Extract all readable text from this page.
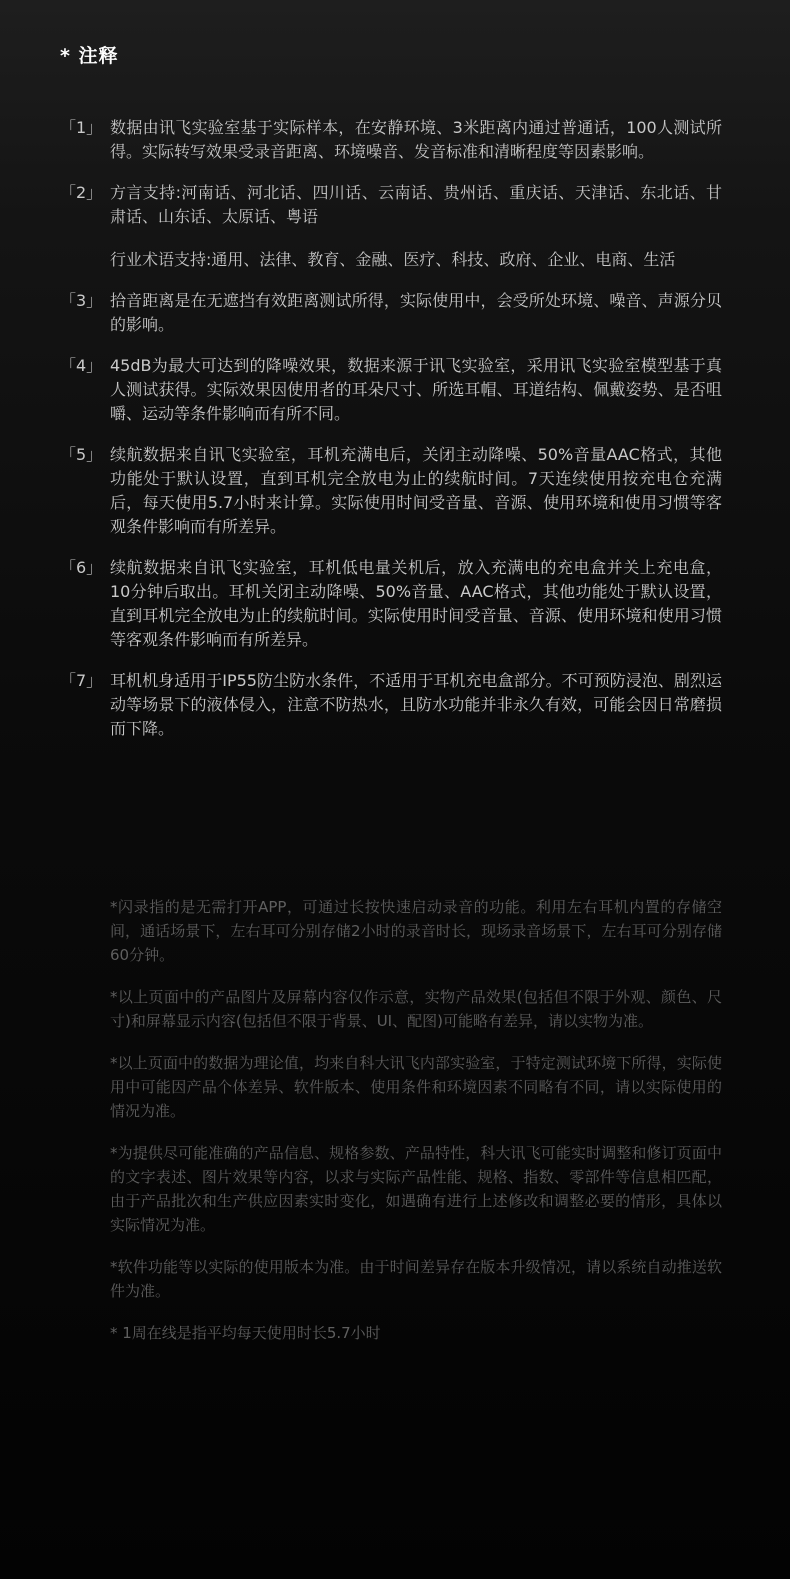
* 注释
「1」 数据由讯飞实验室基于实际样本，在安静环境、3米距离内通过普通话，100人测试所得。实际转写效果受录音距离、环境噪音、发音标准和清晰程度等因素影响。

「2」 方言支持:河南话、河北话、四川话、云南话、贵州话、重庆话、天津话、东北话、甘肃话、山东话、太原话、粤语

行业术语支持:通用、法律、教育、金融、医疗、科技、政府、企业、电商、生活

「3」 拾音距离是在无遮挡有效距离测试所得，实际使用中，会受所处环境、噪音、声源分贝的影响。

「4」 45dB为最大可达到的降噪效果，数据来源于讯飞实验室，采用讯飞实验室模型基于真人测试获得。实际效果因使用者的耳朵尺寸、所选耳帽、耳道结构、佩戴姿势、是否咀嚼、运动等条件影响而有所不同。

「5」 续航数据来自讯飞实验室，耳机充满电后，关闭主动降噪、50%音量AAC格式，其他功能处于默认设置，直到耳机完全放电为止的续航时间。7天连续使用按充电仓充满后，每天使用5.7小时来计算。实际使用时间受音量、音源、使用环境和使用习惯等客观条件影响而有所差异。

「6」 续航数据来自讯飞实验室，耳机低电量关机后，放入充满电的充电盒并关上充电盒，10分钟后取出。耳机关闭主动降噪、50%音量、AAC格式，其他功能处于默认设置，直到耳机完全放电为止的续航时间。实际使用时间受音量、音源、使用环境和使用习惯等客观条件影响而有所差异。

「7」 耳机机身适用于IP55防尘防水条件，不适用于耳机充电盒部分。不可预防浸泡、剧烈运动等场景下的液体侵入，注意不防热水，且防水功能并非永久有效，可能会因日常磨损而下降。

*闪录指的是无需打开APP，可通过长按快速启动录音的功能。利用左右耳机内置的存储空间，通话场景下，左右耳可分别存储2小时的录音时长，现场录音场景下，左右耳可分别存储60分钟。

*以上页面中的产品图片及屏幕内容仅作示意，实物产品效果(包括但不限于外观、颜色、尺寸)和屏幕显示内容(包括但不限于背景、UI、配图)可能略有差异，请以实物为准。

*以上页面中的数据为理论值，均来自科大讯飞内部实验室，于特定测试环境下所得，实际使用中可能因产品个体差异、软件版本、使用条件和环境因素不同略有不同，请以实际使用的情况为准。

*为提供尽可能准确的产品信息、规格参数、产品特性，科大讯飞可能实时调整和修订页面中的文字表述、图片效果等内容，以求与实际产品性能、规格、指数、零部件等信息相匹配，由于产品批次和生产供应因素实时变化，如遇确有进行上述修改和调整必要的情形，具体以实际情况为准。

*软件功能等以实际的使用版本为准。由于时间差异存在版本升级情况，请以系统自动推送软件为准。

* 1周在线是指平均每天使用时长5.7小时
